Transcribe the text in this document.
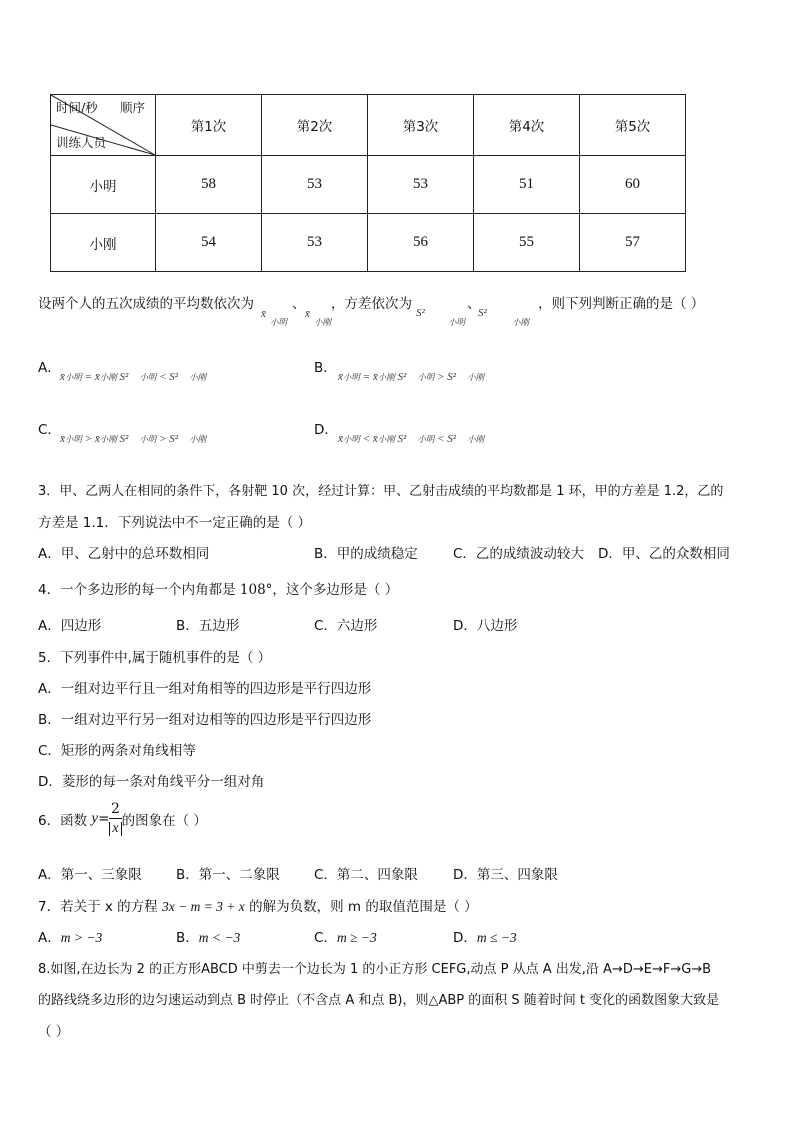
时间/秒 顺序
训练人员	第1次	第2次	第3次	第4次	第5次
小明	58	53	53	51	60
小刚	54	53	56	55	57
设两个人的五次成绩的平均数依次为	、 ，方差依次为	、	，则下列判断正确的是（ ）
x̄
小明
x̄
小刚
S²
小明
S²
小刚
A．
x̄小明 = x̄小刚 S² 小明 < S² 小刚
B．
x̄小明 = x̄小刚 S² 小明 > S² 小刚
C．
x̄小明 > x̄小刚 S² 小明 > S² 小刚
D．
x̄小明 < x̄小刚 S² 小明 < S² 小刚
3．甲、乙两人在相同的条件下，各射靶 10 次，经过计算：甲、乙射击成绩的平均数都是 1 环，甲的方差是 1.2，乙的
方差是 1.1．下列说法中不一定正确的是（ ）
A．甲、乙射中的总环数相同	B．甲的成绩稳定	C．乙的成绩波动较大 D．甲、乙的众数相同
4．一个多边形的每一个内角都是 108°，这个多边形是（ ）
A．四边形	B．五边形	C．六边形	D．八边形
5．下列事件中,属于随机事件的是（ ）
A．一组对边平行且一组对角相等的四边形是平行四边形
B．一组对边平行另一组对边相等的四边形是平行四边形
C．矩形的两条对角线相等
D．菱形的每一条对角线平分一组对角
6．函数 $y= \frac{2}{x}$ 的图象在（ ）
A．第一、三象限	B．第一、二象限	C．第二、四象限	D．第三、四象限
7．若关于 x 的方程 3x − m = 3 + x 的解为负数，则 m 的取值范围是（ ）
A．m > −3	B．m < −3	C．m ≥ −3	D．m ≤ −3
8.如图,在边长为 2 的正方形ABCD 中剪去一个边长为 1 的小正方形 CEFG,动点 P 从点 A 出发,沿 A→D→E→F→G→B
的路线绕多边形的边匀速运动到点 B 时停止（不含点 A 和点 B)，则△ABP 的面积 S 随着时间 t 变化的函数图象大致是
（ ）
